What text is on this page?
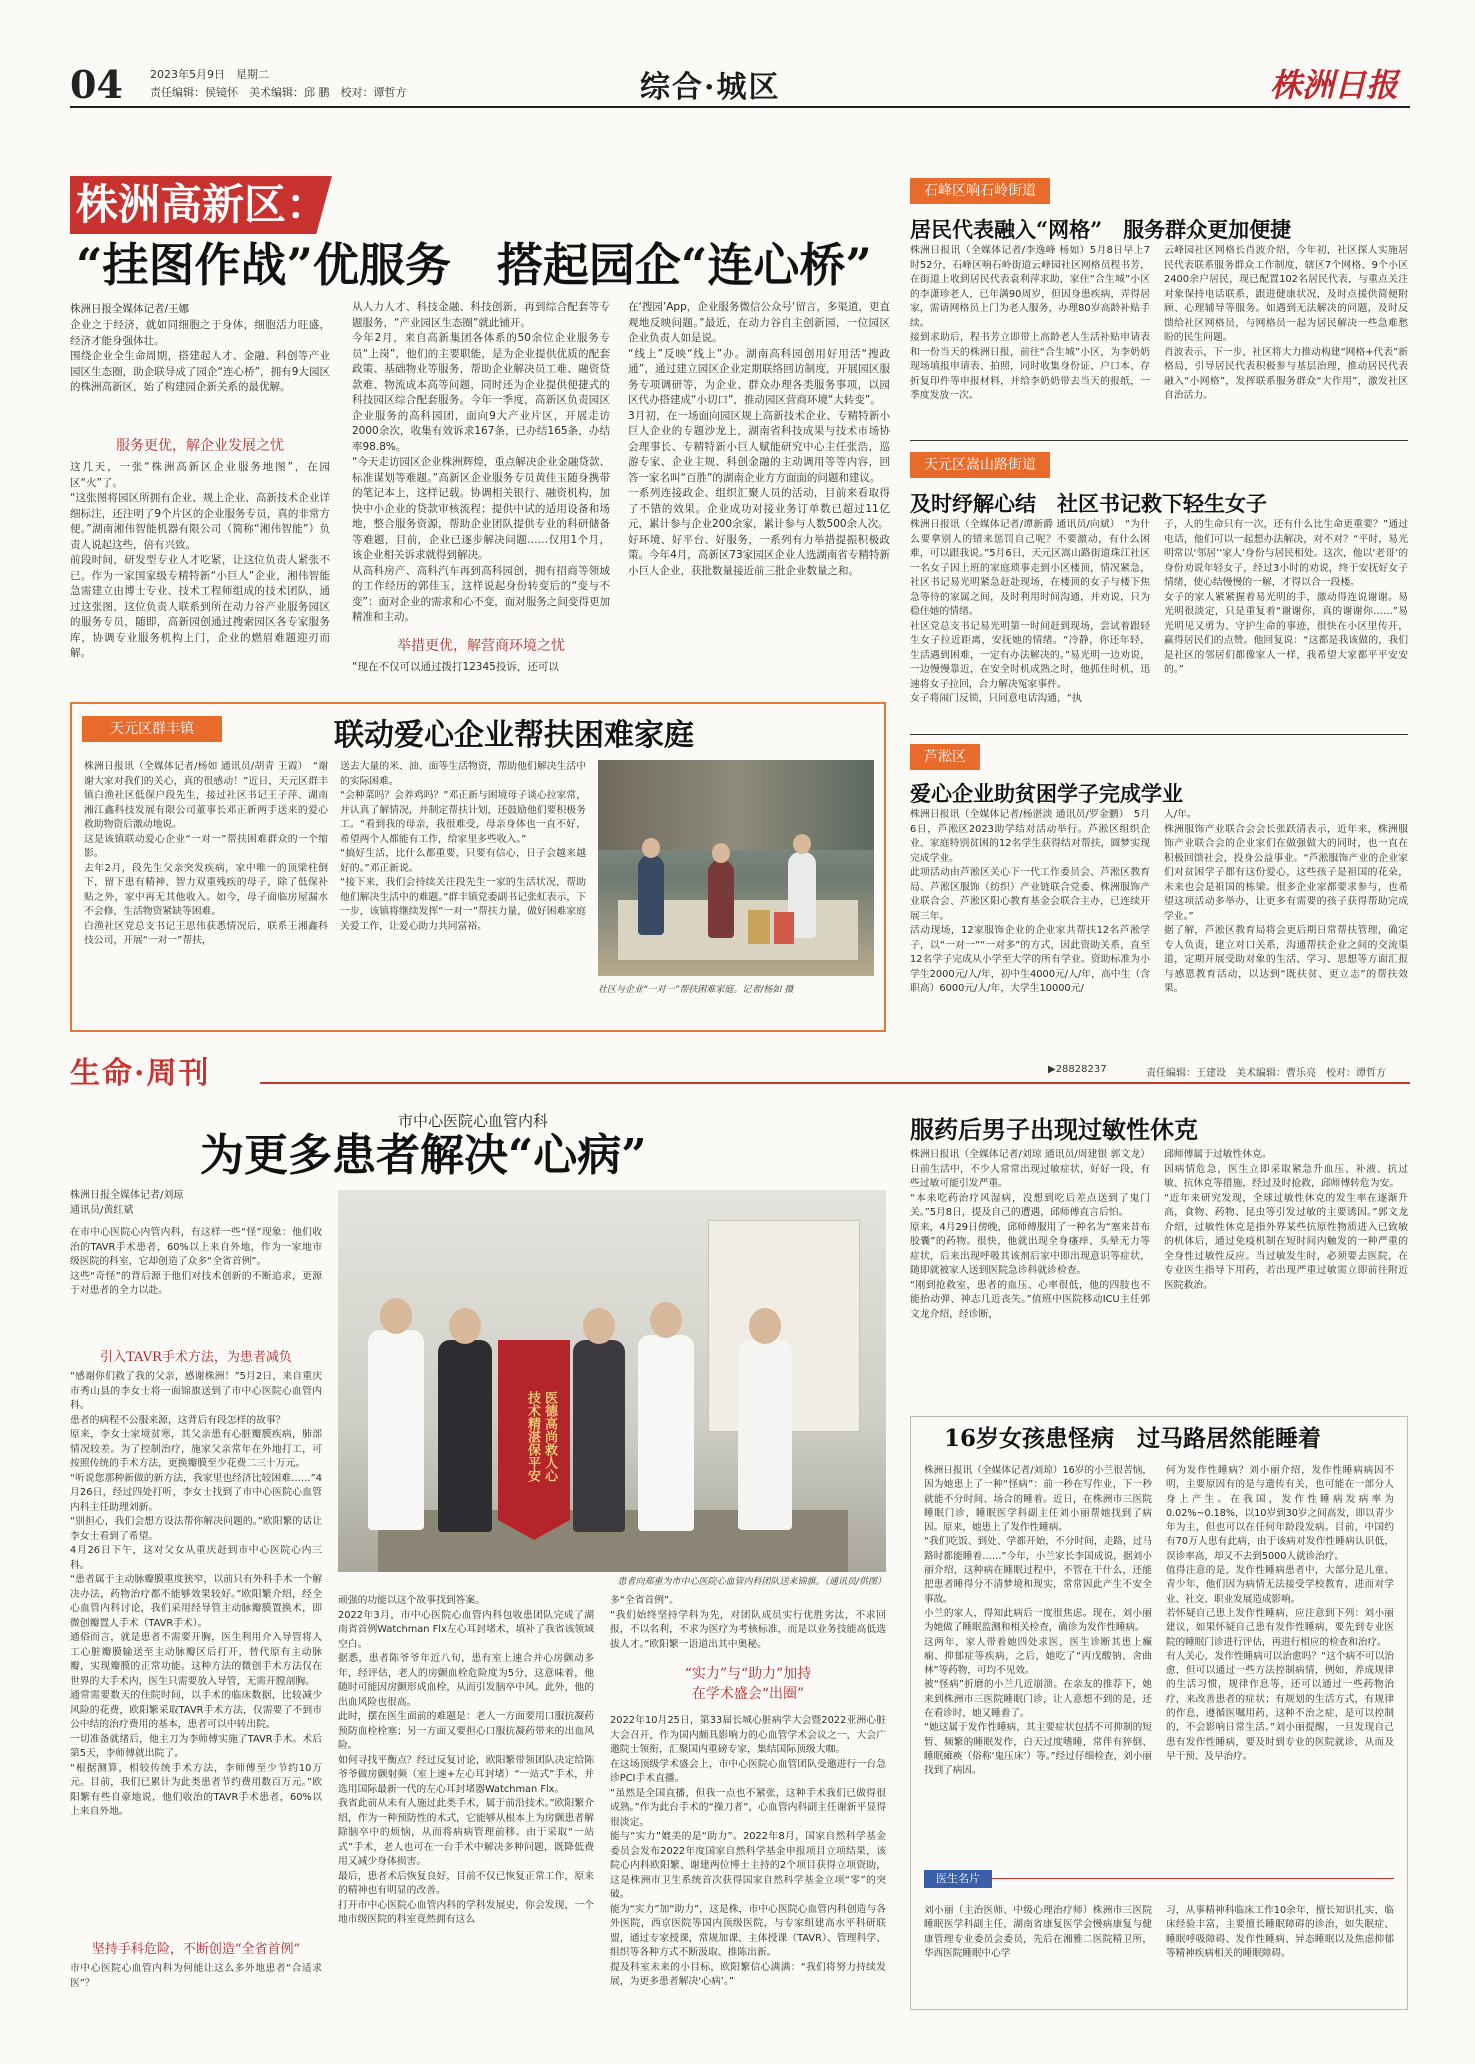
04 2023年5月9日　星期二
责任编辑：侯镜怀　美术编辑：邱 鹏　校对：谭哲方	综合·城区	株洲日报
株洲高新区：
“挂图作战”优服务　搭起园企“连心桥”
株洲日报全媒体记者/王娜
企业之于经济，就如同细胞之于身体，细胞活力旺盛，经济才能身强体壮。
围绕企业全生命周期，搭建起人才、金融、科创等产业园区生态圈，助企联导成了园企“连心桥”，拥有9大园区的株洲高新区，始了构建园企新关系的最优解。
服务更优，解企业发展之忧
这几天，一张“株洲高新区企业服务地图”，在园区“火”了。
“这张图将园区所拥有企业、规上企业、高新技术企业详细标注，还注明了9个片区的企业服务专员，真的非常方便。”湖南湘伟智能机器有限公司（简称“湘伟智能”）负责人说起这些，倍有兴致。
前段时间，研发型专业人才吃紧，让这位负责人紧张不已。作为一家国家级专精特新“小巨人”企业，湘伟智能急需建立由博士专业、技术工程师组成的技术团队，通过这张图，这位负责人联系到所在动力谷产业服务园区的服务专员，随即，高新园创通过搜索园区各专家服务库，协调专业服务机构上门，企业的燃眉难题迎刃而解。
从人力人才、科技金融、科技创新，再到综合配套等专题服务，“产业园区生态圈”就此铺开。
今年2月，来自高新集团各体系的50余位企业服务专员“上岗”，他们的主要职能，是为企业提供优质的配套政策、基础物业等服务，帮助企业解决员工难、融资贷款难、物流成本高等问题，同时还为企业提供便捷式的科技园区综合配套服务。今年一季度，高新区负责园区企业服务的高科园团，面向9大产业片区，开展走访2000余次，收集有效诉求167条，已办结165条，办结率98.8%。
“今天走访园区企业株洲辉煌，重点解决企业金融贷款、标准谋划等难题。”高新区企业服务专员黄佳玉随身携带的笔记本上，这样记载。协调相关银行、融资机构，加快中小企业的贷款审核流程；提供中试的适用设备和场地，整合服务资源，帮助企业团队提供专业的科研储备等难题，目前，企业已逐步解决问题……仅用1个月，该企业相关诉求就得到解决。
从高科房产、高科汽车再到高科园创，拥有招商等领域的工作经历的郭佳玉，这样说起身份转变后的“变与不变”：面对企业的需求和心不变，面对服务之间变得更加精准和主动。
举措更优，解营商环境之忧
“现在不仅可以通过拨打12345投诉，还可以
在‘搜园’App，企业服务微信公众号‘留言，多渠道，更直观地反映问题。”最近，在动力谷自主创新园，一位园区企业负责人如是说。
“线上”反映“线上”办。湖南高科园创用好用活“搜政通”，通过建立园区企业定期联络回访制度，开展园区服务专项调研等，为企业、群众办理各类服务事项，以园区代办搭建成“小切口”，推动园区营商环境“大转变”。
3月初，在一场面向园区规上高新技术企业、专精特新小巨人企业的专题沙龙上，湖南省科技成果与技术市场协会理事长、专精特新小巨人赋能研究中心主任张浩，巡游专家、企业主规、科创金融的主动调用等等内容，回答一家名叫“百胜”的湖南企业方方面面的问题和建议。
一系列连接政企、组织汇聚人员的活动，目前来看取得了不错的效果。企业成功对接业务订单数已超过11亿元，累计参与企业200余家，累计参与人数500余人次。
好环境、好平台、好服务，一系列有力举措提振积极政策。今年4月，高新区73家园区企业人选湖南省专精特新小巨人企业，获批数量接近前三批企业数量之和。
石峰区响石岭街道
居民代表融入“网格”　服务群众更加便捷
株洲日报讯（全媒体记者/李逸峰 杨如）5月8日早上7时52分，石峰区响石岭街道云峰园社区网格员程书芳，在街道上收到居民代表袁利萍求助，家住“合生城”小区的李潇珍老人，已年满90周岁，但因身患疾病，弄得居家，需请网格员上门为老人服务，办理80岁高龄补贴手续。
接到求助后，程书芳立即带上高龄老人生活补贴申请表和一份当天的株洲日报，前往“合生城”小区，为李奶奶现场填报申请表、拍照，同时收集身份证、户口本、存折复印件等申报材料，并给李奶奶带去当天的报纸，一季度发放一次。
云峰园社区网格长肖波介绍，今年初，社区探人实施居民代表联系服务群众工作制度，辖区7个网格、9个小区2400余户居民，现已配置102名居民代表，与重点关注对象保持电话联系，跟进健康状况，及时点援供简便附顾、心理辅导等服务。如遇到无法解决的问题，及时反馈给社区网格员，与网格员一起为居民解决一些急难愁盼的民生问题。
肖波表示，下一步，社区将大力推动构建“网格+代表”新格局，引导居民代表积极参与基层治理，推动居民代表融入“小网格”，发挥联系服务群众“大作用”，激发社区自治活力。
天元区嵩山路街道
及时纾解心结　社区书记救下轻生女子
株洲日报讯（全媒体记者/谭新爵 通讯员/向斌）　“为什么要拿别人的错来惩罚自己呢？不要激动，有什么困难，可以跟我说。”5月6日，天元区嵩山路街道珠江社区一名女子因上班的家庭琐事走到小区楼顶，情况紧急，社区书记易光明紧急赶赴现场，在楼顶的女子与楼下焦急等待的家属之间，及时利用时间沟通，并劝说，只为稳住她的情绪。
社区党总支书记易光明第一时间赶到现场，尝试着跟轻生女子拉近距离，安抚她的情绪。“冷静，你还年轻，生活遇到困难，一定有办法解决的。”易光明一边劝说，一边慢慢靠近，在安全时机成熟之时，他抓住时机，迅速将女子拉回，合力解决冤家事件。
女子将闹门反锁，只同意电话沟通，“执
子，人的生命只有一次，还有什么比生命更重要？”通过电话，他们可以一起想办法解决，对不对？“平时，易光明常以‘邻居’‘家人’身份与居民相处。这次，他以‘老哥’的身份劝说年轻女子，经过3小时的劝说，终于安抚好女子情绪，使心结慢慢的一解，才得以合一段楼。
女子的家人紧紧握着易光明的手，激动得连说谢谢。易光明很淡定，只是重复着“谢谢你，真的谢谢你……”易光明见又勇为、守护生命的事迹，很快在小区里传开，赢得居民们的点赞。他回复说：“这都是我该做的，我们是社区的邻居们都像家人一样，我希望大家都平平安安的。”
芦淞区
爱心企业助贫困学子完成学业
株洲日报讯（全媒体记者/杨湛淡 通讯员/罗金鹏）　5月6日，芦淞区2023助学结对活动举行。芦淞区组织企业、家庭特别贫困的12名学生获得结对帮扶，圆梦实现完成学业。
此项活动由芦淞区关心下一代工作委员会、芦淞区教育局、芦淞区服饰（纺织）产业链联合党委、株洲服饰产业联合会、芦淞区阳心教育基金会联合主办，已连续开展三年。
活动现场，12家服饰企业的企业家共帮扶12名芦淞学子，以“一对一”“一对多”的方式，因此资助关系，直至12名学子完成从小学至大学的所有学业。资助标准为小学生2000元/人/年，初中生4000元/人/年，高中生（含职高）6000元/人/年，大学生10000元/
人/年。
株洲服饰产业联合会会长张跃清表示，近年来，株洲服饰产业联合会的企业家们在做强做大的同时，也一直在积极回馈社会，投身公益事业。“芦淞服饰产业的企业家们对贫困学子都有这份爱心，这些孩子是祖国的花朵，未来也会是祖国的栋梁。很多企业家都要求参与，也希望这项活动多举办，让更多有需要的孩子获得帮助完成学业。”
据了解，芦淞区教育局将会更后期日常帮扶管理，确定专人负责，建立对口关系，沟通帮扶企业之间的交流渠道，定期开展受助对象的生活、学习、思想等方面汇报与感恩教育活动，以达到“既扶贫、更立志”的帮扶效果。
天元区群丰镇	联动爱心企业帮扶困难家庭
株洲日报讯（全媒体记者/杨如 通讯员/胡青 王霞）　“谢谢大家对我们的关心，真的很感动！”近日，天元区群丰镇白渔社区低保户段先生，接过社区书记王子萍、湖南湘江鑫科技发展有限公司董事长邓正新两手送来的爱心救助物资后激动地说。
这是该镇联动爱心企业“一对一”帮扶困难群众的一个缩影。
去年2月，段先生父亲突发疾病，家中唯一的顶梁柱倒下，留下患有精神、智力双重残疾的母子，除了低保补贴之外，家中再无其他收入。如今，母子面临房屋漏水不会修，生活物资紧缺等困难。
白渔社区党总支书记王思伟获悉情况后，联系王湘鑫科技公司，开展“一对一”帮扶，
送去大量的米、油、面等生活物资，帮助他们解决生活中的实际困难。
“会种菜吗？会养鸡吗？”邓正新与困境母子谈心拉家常，并认真了解情况，并制定帮扶计划，还鼓励他们要积极务工。“看到我的母亲，我很难受，母亲身体也一直不好，希望两个人都能有工作，给家里多些收入。”
“搞好生活，比什么都重要，只要有信心，日子会越来越好的。”邓正新说。
“接下来，我们会持续关注段先生一家的生活状况，帮助他们解决生活中的难题。”群丰镇党委副书记张虹表示，下一步，该镇将继续发挥“一对一”帮扶力量，做好困难家庭关爱工作，让爱心助力共同富裕。
社区与企业“一对一”帮扶困难家庭。记者/杨如 摄
生命·周刊	▶28828237	责任编辑：王建设　美术编辑：曹乐亮　校对：谭哲方
市中心医院心血管内科
为更多患者解决“心病”
株洲日报全媒体记者/刘琼
通讯员/黄红斌
在市中心医院心内管内科，有这样一些“怪”现象：他们收治的TAVR手术患者，60%以上来自外地，作为一家地市级医院的科室，它却创造了众多“全省首例”。
这些“奇怪”的背后源于他们对技术创新的不断追求，更源于对患者的全力以赴。
引入TAVR手术方法，为患者减负
“感谢你们救了我的父亲，感谢株洲！”5月2日，来自重庆市秀山县的李女士将一面锦旗送到了市中心医院心血管内科。
患者的病程不公服来源，这背后有段怎样的故事？
原来，李女士家境贫寒，其父亲患有心脏瓣膜疾病，肺部情况较差。为了控制治疗，施家父亲常年在外地打工，可按照传统的手术方法，更换瓣膜至少花费二三十万元。
“听说您那种新做的新方法，我家里也经济比较困难……”4月26日，经过四处打听，李女士找到了市中心医院心血管内科主任助理刘新。
“别担心，我们会想方设法帮你解决问题的。”欧阳繁的话让李女士看到了希望。
4月26日下午，这对父女从重庆赶到市中心医院心内三科。
“患者属于主动脉瓣膜重度狭窄，以前只有外科手术一个解决办法，药物治疗都不能够效果较好。”欧阳繁介绍，经全心血管内科讨论，我们采用经导管主动脉瓣膜置换术，即微创瓣置人手术（TAVR手术）。
通俗而言，就是患者不需要开胸，医生利用介入导管将人工心脏瓣膜输送至主动脉瓣区后打开，替代原有主动脉瓣，实现瓣膜的正常功能。这种方法的微创手术方法仅在世界的大手术内，医生只需要放入导管，无需开膛剖胸。
通常需要数天的住院时间，以手术的临床数据，比较减少风险的花费，欧阳繁采取TAVR手术方法，仅需要了不到市公中结的治疗费用的基本，患者可以中转出院。
一切准备就绪后，他主刀为李师傅实施了TAVR手术。术后第5天，李师傅就出院了。
“根据测算，相较传统手术方法，李师傅至少节约10万元。目前，我们已累计为此类患者节约费用数百万元。”欧阳繁有些自豪地说，他们收治的TAVR手术患者，60%以上来自外地。
坚持手科危险，不断创造“全省首例”
市中心医院心血管内科为何能让这么多外地患者“合适求医”？
医德高尚救人心
技术精湛保平安
患者向郑重为市中心医院心血管内科团队送来锦旗。（通讯员/供图）
顽强的功能以这个故事找到答案。
2022年3月，市中心医院心血管内科包收患团队完成了湖南省首例Watchman Flx左心耳封堵术，填补了我省该领域空白。
据悉，患者陈爷爷年近八旬，患有室上速合并心房颤动多年，经评估，老人的房颤血栓危险度为5分，这意味着，他随时可能因房颤形成血栓，从而引发脑卒中风。此外，他的出血风险也很高。
此时，摆在医生面前的难题是：老人一方面要用口服抗凝药预防血栓栓塞；另一方面又要担心口服抗凝药带来的出血风险。
如何寻找平衡点？经过反复讨论，欧阳繁带领团队决定给陈爷爷做房颤射频（室上速+左心耳封堵）“一站式”手术，并选用国际最新一代的左心耳封堵器Watchman Flx。
我省此前从未有人施过此类手术，属于前沿技术。”欧阳繁介绍，作为一种预防性的术式，它能够从根本上为房颤患者解除脑卒中的烦恼，从而将病病管理前移。由于采取“一站式”手术，老人也可在一台手术中解决多种问题，既降低费用又减少身体损害。
最后，患者术后恢复良好，目前不仅已恢复正常工作，原来的精神也有明显的改善。
打开市中心医院心血管内科的学科发展史，你会发现，一个地市级医院的科室竟然拥有这么
多“全省首例”。
“我们始终坚持学科为先，对团队成员实行优胜劣汰，不求回报，不以名利，不求为医疗为考核标准，而是以业务技能高低选拔人才。”欧阳繁一语道出其中奥秘。
“实力”与“助力”加持
在学术盛会“出圈”
2022年10月25日，第33届长城心脏病学大会暨2022亚洲心脏大会召开，作为国内颇具影响力的心血管学术会议之一，大会广邀院士领衔，汇聚国内重磅专家，集结国际顶级大咖。
在这场顶级学术盛会上，市中心医院心血管团队受邀进行一台急诊PCI手术直播。
“虽然是全国直播，但我一点也不紧张，这种手术我们已做得很成熟。”作为此台手术的“操刀者”，心血管内科副主任谢新平显得很淡定。
能与“实力”媲美的是“助力”。2022年8月，国家自然科学基金委员会发布2022年度国家自然科学基金申报项目立项结果，该院心内科欧阳繁、谢建两位博士主持的2个项目获得立项资助，这是株洲市卫生系统首次获得国家自然科学基金立项“零”的突破。
能为“实力”加“助力”，这是株，市中心医院心血管内科创造与各外医院，西京医院等国内顶级医院，与专家组建高水平科研联盟，通过专家授课，常规加课、主体授课（TAVR）、管理科学、组织等各种方式不断汲取、推陈出新。
提及科室未来的小目标，欧阳繁信心满满：“我们将努力持续发展，为更多患者解决‘心病’。”
服药后男子出现过敏性休克
株洲日报讯（全媒体记者/刘琼 通讯员/周建银 郭文龙）日前生活中，不少人常常出现过敏症状，好好一段，有些过敏可能引发严重。
“本来吃药治疗风湿病，没想到吃后差点送到了鬼门关。”5月8日，提及自己的遭遇，邱师傅直言后怕。
原来，4月29日傍晚，邱师傅服用了一种名为“塞来昔布胶囊”的药物。很快，他就出现全身瘙痒、头晕无力等症状，后来出现呼吸其该剂后家中即出现意识等症状，随即就被家人送到医院急诊科就诊检查。
“刚到抢救室，患者的血压、心率很低，他的四肢也不能抬动弹、神志几近丧失。”值班中医院移动ICU主任郭文龙介绍，经诊断，
邱师傅属于过敏性休克。
因病情危急，医生立即采取紧急升血压、补液、抗过敏、抗休克等措施，经过及时抢救，邱师傅转危为安。
“近年来研究发现，全球过敏性休克的发生率在逐渐升高，食物、药物、昆虫等引发过敏的主要诱因。”郭文龙介绍，过敏性休克是指外界某些抗原性物质进入已致敏的机体后，通过免疫机制在短时间内触发的一种严重的全身性过敏性反应。当过敏发生时，必须要去医院，在专业医生指导下用药，若出现严重过敏需立即前往附近医院救治。
16岁女孩患怪病　过马路居然能睡着
株洲日报讯（全媒体记者/刘琼）16岁的小兰很苦恼，因为她患上了一种“怪病”：前一秒在写作业，下一秒就能不分时间、场合的睡着。近日，在株洲市三医院睡眠门诊，睡眠医学科副主任刘小丽帮她找到了病因。原来，她患上了发作性睡病。
“我们吃饭、到处、学都开始，不分时间，走路，过马路时都能睡着……”今年，小兰家长李国成说，据刘小丽介绍，这种病在睡眠过程中，不管在干什么，还能把患者睡得分不清梦境和现实，常常因此产生不安全事故。
小兰的家人，得知此病后一度很焦虑。现在，刘小丽为她做了睡眠监测和相关检查，确诊为发作性睡病。
这两年，家人带着她四处求医，医生诊断其患上癫痫、抑郁症等疾病，之后，她吃了“丙戊酸钠、舍曲林”等药物，可均不见效。
被“怪病”折磨的小兰几近崩溃。在亲友的推荐下，她来到株洲市三医院睡眠门诊，让人意想不到的是，还在看诊时，她又睡着了。
“她这属于发作性睡病，其主要症状包括不可抑制的短暂、频繁的睡眠发作，白天过度嗜睡，常伴有猝倒、睡眠瘫痪（俗称‘鬼压床’）等。”经过仔细检查，刘小丽找到了病因。
何为发作性睡病？刘小丽介绍，发作性睡病病因不明，主要原因有的是与遗传有关，也可能在一部分人身上产生。在我国，发作性睡病发病率为0.02%~0.18%，以10岁到30岁之间高发，即以青少年为主，但也可以在任何年龄段发病。目前，中国约有70万人患有此病，由于该病对发作性睡病认识低，误诊率高，却又不去到5000人就诊治疗。
值得注意的是，发作性睡病患者中，大部分是儿童、青少年，他们因为病情无法接受学校教育，进而对学业、社交、职业发展造成影响。
若怀疑自己患上发作性睡病，应注意到下列：刘小丽建议，如果怀疑自己患有发作性睡病，要先到专业医院的睡眠门诊进行评估，再进行相应的检查和治疗。
有人关心，发作性睡病可以治愈吗？“这个病不可以治愈，但可以通过一些方法控制病情，例如，养成规律的生活习惯，规律作息等，还可以通过一些药物治疗，来改善患者的症状；有规划的生活方式，有规律的作息，遵循医嘱用药，这种不治之症，是可以控制的，不会影响日常生活。”刘小丽提醒，一旦发现自己患有发作性睡病，要及时到专业的医院就诊，从而及早干预、及早治疗。
医生名片
刘小丽（主治医师、中级心理治疗师）株洲市三医院睡眠医学科副主任，湖南省康复医学会慢病康复与健康管理专业委员会委员，先后在湘雅二医院精卫所，华西医院睡眠中心学
习，从事精神科临床工作10余年，擅长知识扎实，临床经验丰富，主要擅长睡眠障碍的诊治，如失眠症、睡眠呼吸障碍、发作性睡病、异态睡眠以及焦虑抑郁等精神疾病相关的睡眠障碍。
